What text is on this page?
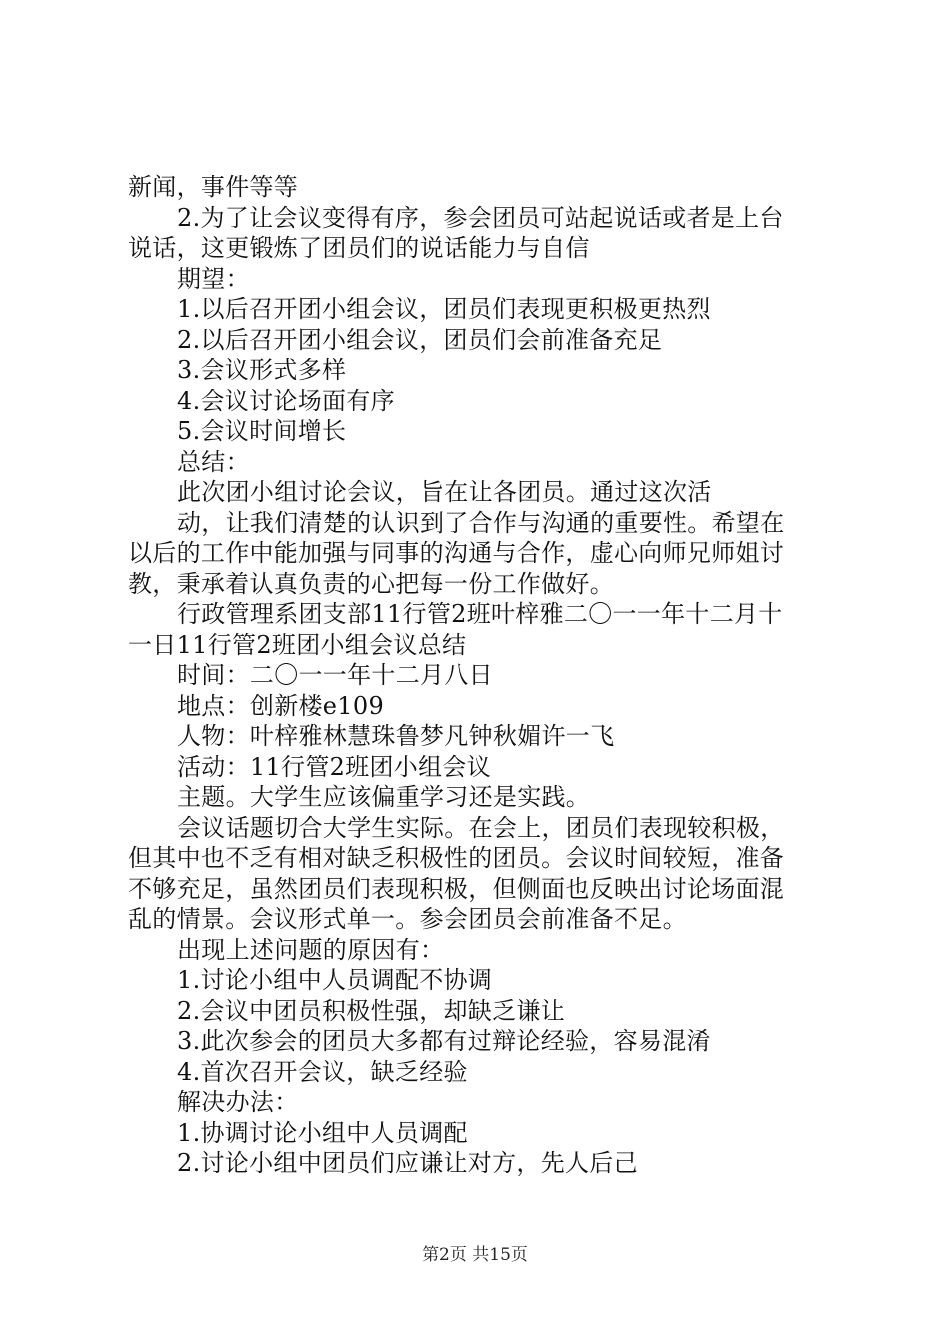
新闻，事件等等
2.为了让会议变得有序，参会团员可站起说话或者是上台
说话，这更锻炼了团员们的说话能力与自信
期望：
1.以后召开团小组会议，团员们表现更积极更热烈
2.以后召开团小组会议，团员们会前准备充足
3.会议形式多样
4.会议讨论场面有序
5.会议时间增长
总结：
此次团小组讨论会议，旨在让各团员。通过这次活
动，让我们清楚的认识到了合作与沟通的重要性。希望在
以后的工作中能加强与同事的沟通与合作，虚心向师兄师姐讨
教，秉承着认真负责的心把每一份工作做好。
行政管理系团支部11行管2班叶梓雅二〇一一年十二月十
一日11行管2班团小组会议总结
时间：二〇一一年十二月八日
地点：创新楼e109
人物：叶梓雅林慧珠鲁梦凡钟秋媚许一飞
活动：11行管2班团小组会议
主题。大学生应该偏重学习还是实践。
会议话题切合大学生实际。在会上，团员们表现较积极，
但其中也不乏有相对缺乏积极性的团员。会议时间较短，准备
不够充足，虽然团员们表现积极，但侧面也反映出讨论场面混
乱的情景。会议形式单一。参会团员会前准备不足。
出现上述问题的原因有：
1.讨论小组中人员调配不协调
2.会议中团员积极性强，却缺乏谦让
3.此次参会的团员大多都有过辩论经验，容易混淆
4.首次召开会议，缺乏经验
解决办法：
1.协调讨论小组中人员调配
2.讨论小组中团员们应谦让对方，先人后己
第2页 共15页
